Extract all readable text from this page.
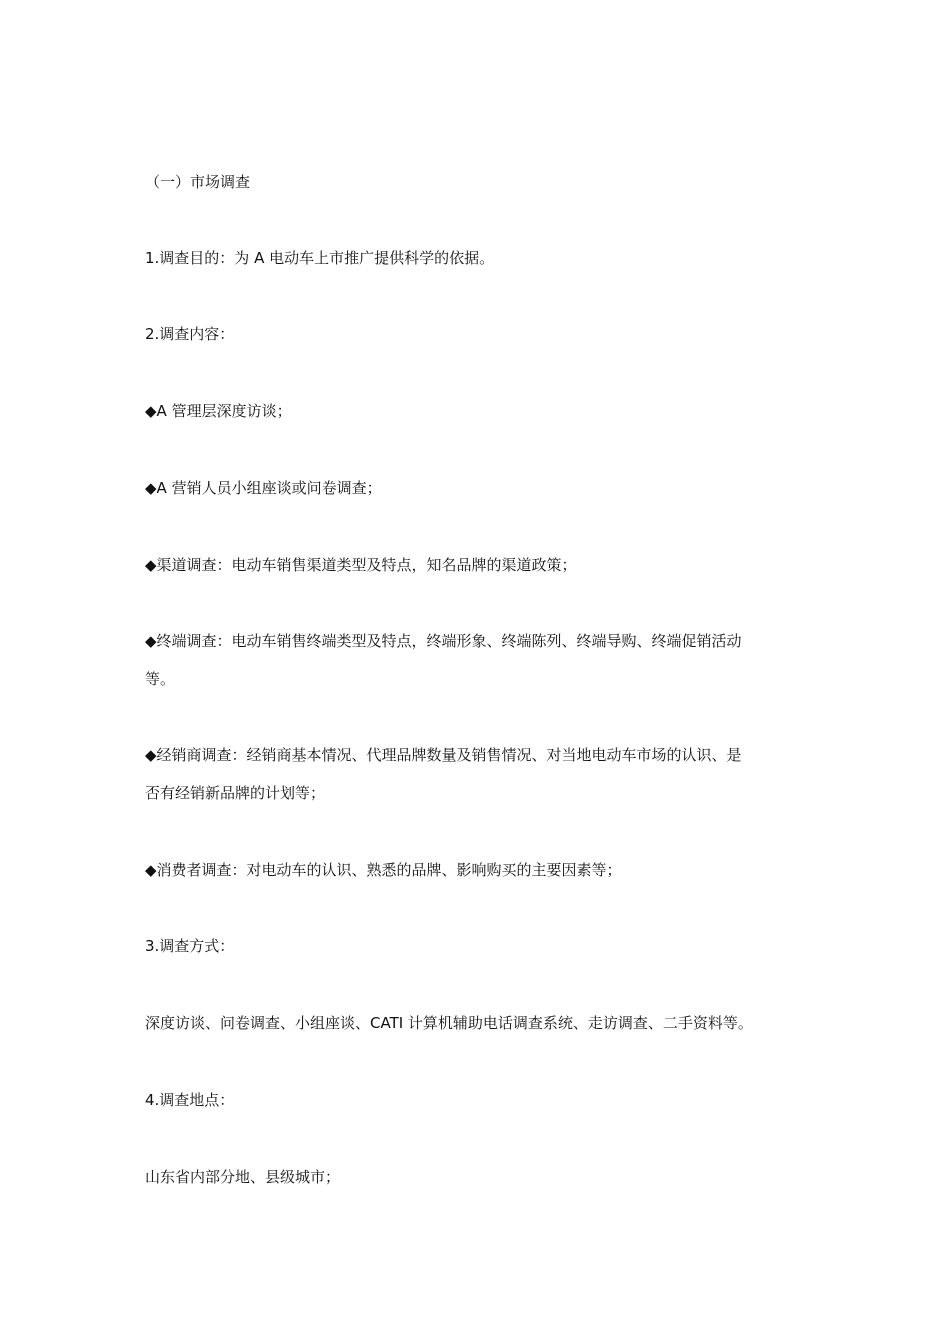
（一）市场调查
1.调查目的：为 A 电动车上市推广提供科学的依据。
2.调查内容：
◆A 管理层深度访谈；
◆A 营销人员小组座谈或问卷调查；
◆渠道调查：电动车销售渠道类型及特点，知名品牌的渠道政策；
◆终端调查：电动车销售终端类型及特点，终端形象、终端陈列、终端导购、终端促销活动
等。
◆经销商调查：经销商基本情况、代理品牌数量及销售情况、对当地电动车市场的认识、是
否有经销新品牌的计划等；
◆消费者调查：对电动车的认识、熟悉的品牌、影响购买的主要因素等；
3.调查方式：
深度访谈、问卷调查、小组座谈、CATI 计算机辅助电话调查系统、走访调查、二手资料等。
4.调查地点：
山东省内部分地、县级城市；
